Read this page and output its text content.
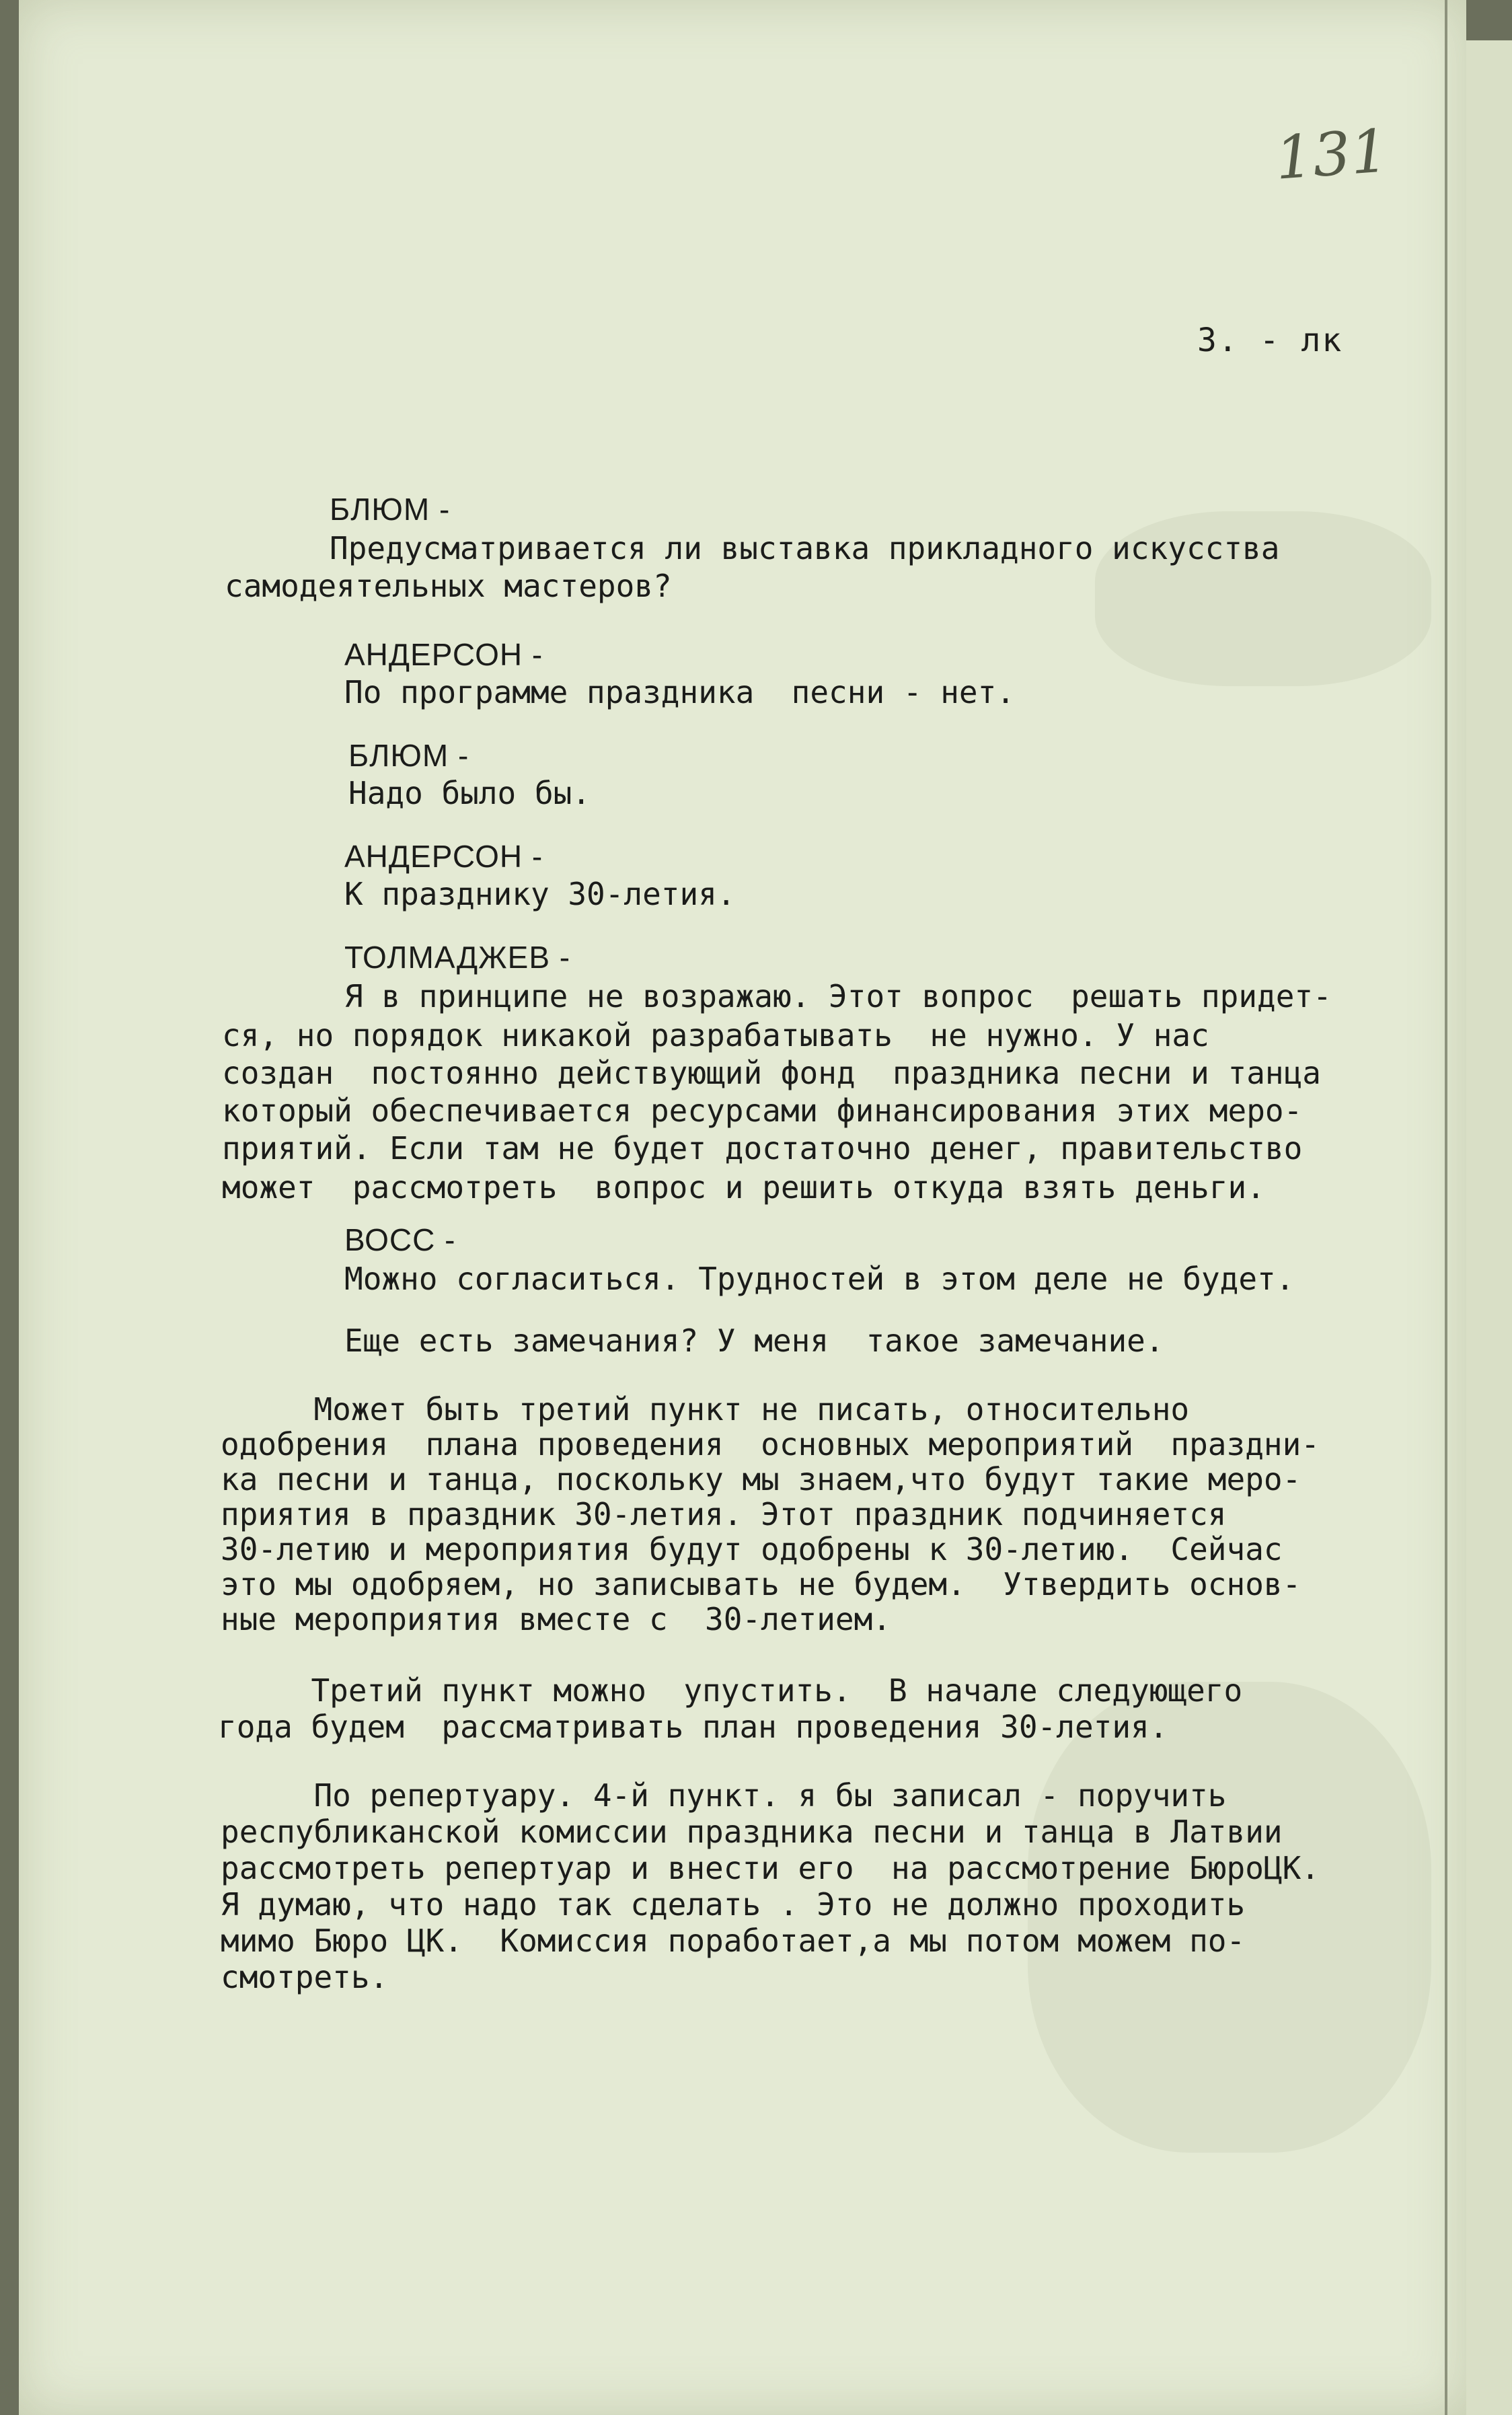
131
3. - лк
БЛЮМ -
Предусматривается ли выставка прикладного искусства
самодеятельных мастеров?
АНДЕРСОН -
По программе праздника  песни - нет.
БЛЮМ -
Надо было бы.
АНДЕРСОН -
К празднику 30-летия.
ТОЛМАДЖЕВ -
Я в принципе не возражаю. Этот вопрос  решать придет-
ся, но порядок никакой разрабатывать  не нужно. У нас
создан  постоянно действующий фонд  праздника песни и танца
который обеспечивается ресурсами финансирования этих меро-
приятий. Если там не будет достаточно денег, правительство
может  рассмотреть  вопрос и решить откуда взять деньги.
ВОСС -
Можно согласиться. Трудностей в этом деле не будет.
Еще есть замечания? У меня  такое замечание.
Может быть третий пункт не писать, относительно
одобрения  плана проведения  основных мероприятий  праздни-
ка песни и танца, поскольку мы знаем,что будут такие меро-
приятия в праздник 30-летия. Этот праздник подчиняется
30-летию и мероприятия будут одобрены к 30-летию.  Сейчас
это мы одобряем, но записывать не будем.  Утвердить основ-
ные мероприятия вместе с  30-летием.
Третий пункт можно  упустить.  В начале следующего
года будем  рассматривать план проведения 30-летия.
По репертуару. 4-й пункт. я бы записал - поручить
республиканской комиссии праздника песни и танца в Латвии
рассмотреть репертуар и внести его  на рассмотрение БюроЦК.
Я думаю, что надо так сделать . Это не должно проходить
мимо Бюро ЦК.  Комиссия поработает,а мы потом можем по-
смотреть.
